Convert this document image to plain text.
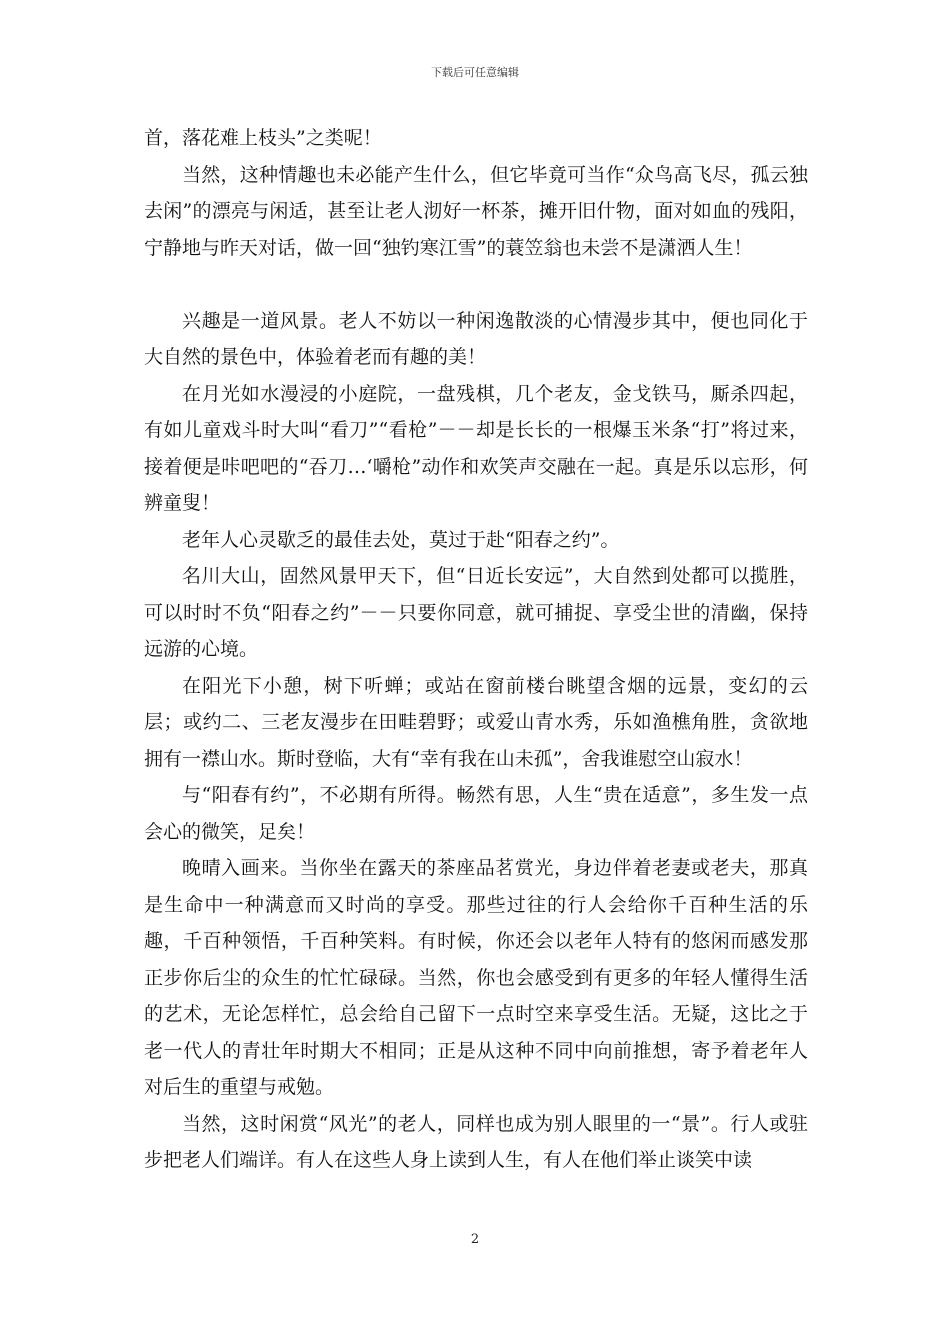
下载后可任意编辑

首，落花难上枝头”之类呢！

当然，这种情趣也未必能产生什么，但它毕竟可当作“众鸟高飞尽，孤云独去闲”的漂亮与闲适，甚至让老人沏好一杯茶，摊开旧什物，面对如血的残阳，宁静地与昨天对话，做一回“独钓寒江雪”的蓑笠翁也未尝不是潇洒人生！

兴趣是一道风景。老人不妨以一种闲逸散淡的心情漫步其中，便也同化于大自然的景色中，体验着老而有趣的美！

在月光如水漫浸的小庭院，一盘残棋，几个老友，金戈铁马，厮杀四起，有如儿童戏斗时大叫“看刀”“看枪”－－却是长长的一根爆玉米条“打”将过来，接着便是咔吧吧的“吞刀…‘嚼枪”动作和欢笑声交融在一起。真是乐以忘形，何辨童叟！

老年人心灵歇乏的最佳去处，莫过于赴“阳春之约”。

名川大山，固然风景甲天下，但“日近长安远”，大自然到处都可以揽胜，可以时时不负“阳春之约”－－只要你同意，就可捕捉、享受尘世的清幽，保持远游的心境。

在阳光下小憩，树下听蝉；或站在窗前楼台眺望含烟的远景，变幻的云层；或约二、三老友漫步在田畦碧野；或爱山青水秀，乐如渔樵角胜，贪欲地拥有一襟山水。斯时登临，大有“幸有我在山未孤”，舍我谁慰空山寂水！

与“阳春有约”，不必期有所得。畅然有思，人生“贵在适意”，多生发一点会心的微笑，足矣！

晚晴入画来。当你坐在露天的茶座品茗赏光，身边伴着老妻或老夫，那真是生命中一种满意而又时尚的享受。那些过往的行人会给你千百种生活的乐趣，千百种领悟，千百种笑料。有时候，你还会以老年人特有的悠闲而感发那正步你后尘的众生的忙忙碌碌。当然，你也会感受到有更多的年轻人懂得生活的艺术，无论怎样忙，总会给自己留下一点时空来享受生活。无疑，这比之于老一代人的青壮年时期大不相同；正是从这种不同中向前推想，寄予着老年人对后生的重望与戒勉。

当然，这时闲赏“风光”的老人，同样也成为别人眼里的一“景”。行人或驻步把老人们端详。有人在这些人身上读到人生，有人在他们举止谈笑中读

2
